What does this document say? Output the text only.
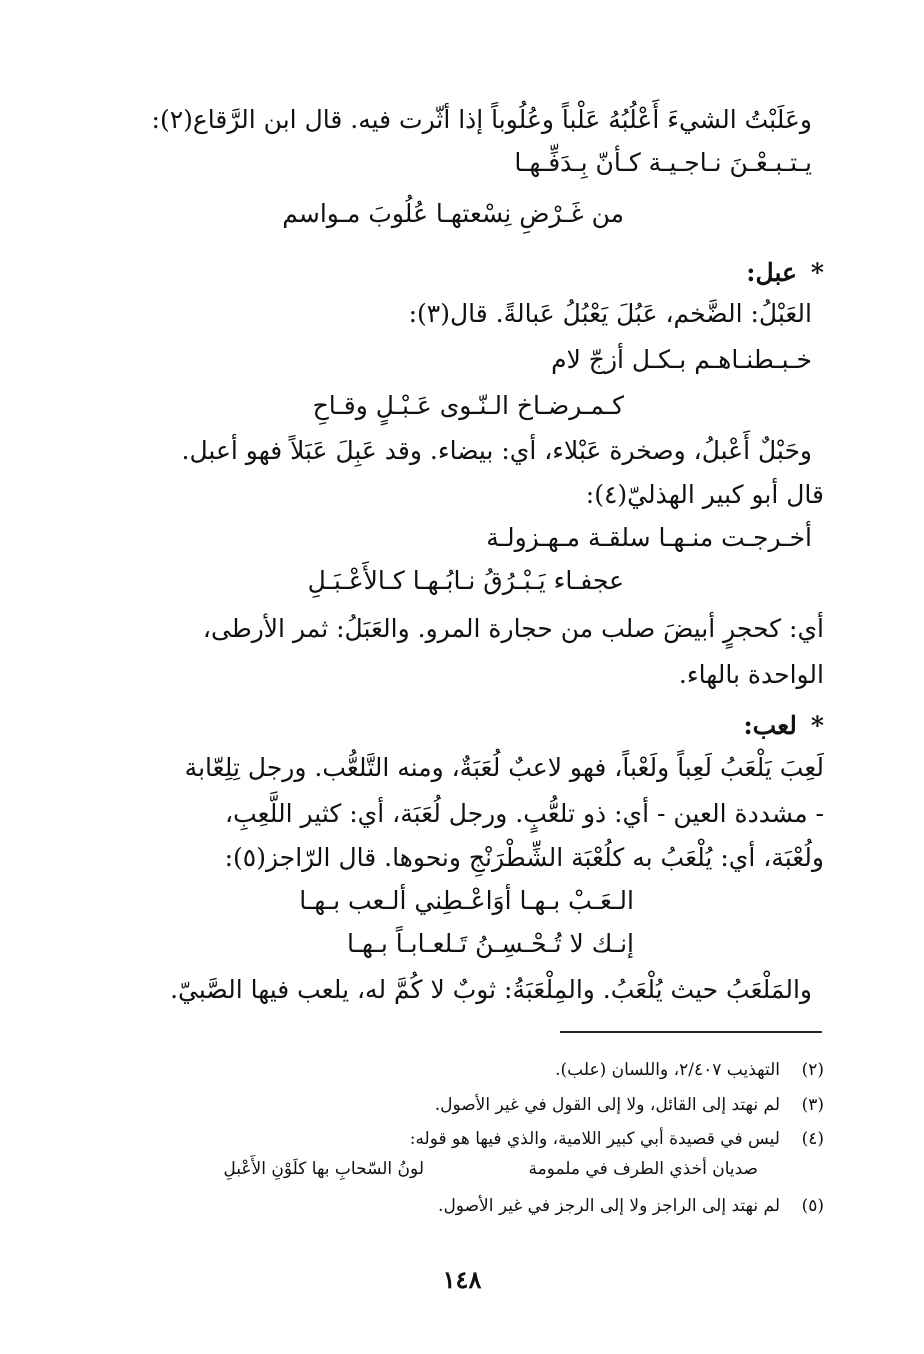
وعَلَبْتُ الشيءَ أَعْلُبُهُ عَلْباً وعُلُوباً إذا أثّرت فيه. قال ابن الرَّقاع(٢):
يـتـبـعْـنَ نـاجـيـة كـأنّ بِـدَفِّـهـا
من غَـرْضِ نِسْعتهـا عُلُوبَ مـواسم
*عبل:
العَبْلُ: الضَّخم، عَبُلَ يَعْبُلُ عَبالةً. قال(٣):
خـبـطنـاهـم بـكـل أزجّ لام
كـمـرضـاخ الـنّـوى عَـبْـلٍ وقـاحِ
وحَبْلٌ أَعْبلُ، وصخرة عَبْلاء، أي: بيضاء. وقد عَبِلَ عَبَلاً فهو أعبل.
قال أبو كبير الهذليّ(٤):
أخـرجـت منـهـا سلقـة مـهـزولـة
عجفـاء يَـبْـرُقُ نـابُـهـا كـالأَعْـبَـلِ
أي: كحجرٍ أبيضَ صلب من حجارة المرو. والعَبَلُ: ثمر الأرطى،
الواحدة بالهاء.
*لعب:
لَعِبَ يَلْعَبُ لَعِباً ولَعْباً، فهو لاعبٌ لُعَبَةٌ، ومنه التَّلعُّب. ورجل تِلِعّابة
- مشددة العين - أي: ذو تلعُّبٍ. ورجل لُعَبَة، أي: كثير اللَّعِبِ،
ولُعْبَة، أي: يُلْعَبُ به كلُعْبَة الشِّطْرَنْجِ ونحوها. قال الرّاجز(٥):
الـعَـبْ بـهـا أوَاعْـطِني ألـعب بـهـا
إنـك لا تُـحْـسِـنُ تَـلعـابـاً بـهـا
والمَلْعَبُ حيث يُلْعَبُ. والمِلْعَبَةُ: ثوبٌ لا كُمَّ له، يلعب فيها الصَّبيّ.
(٢)التهذيب ٢/٤٠٧، واللسان (علب).
(٣)لم نهتد إلى القائل، ولا إلى القول في غير الأصول.
(٤)ليس في قصيدة أبي كبير اللامية، والذي فيها هو قوله:
صديان أخذي الطرف في ملمومة
لونُ السّحابِ بها كلَوْنِ الأَعْبلِ
(٥)لم نهتد إلى الراجز ولا إلى الرجز في غير الأصول.
١٤٨
